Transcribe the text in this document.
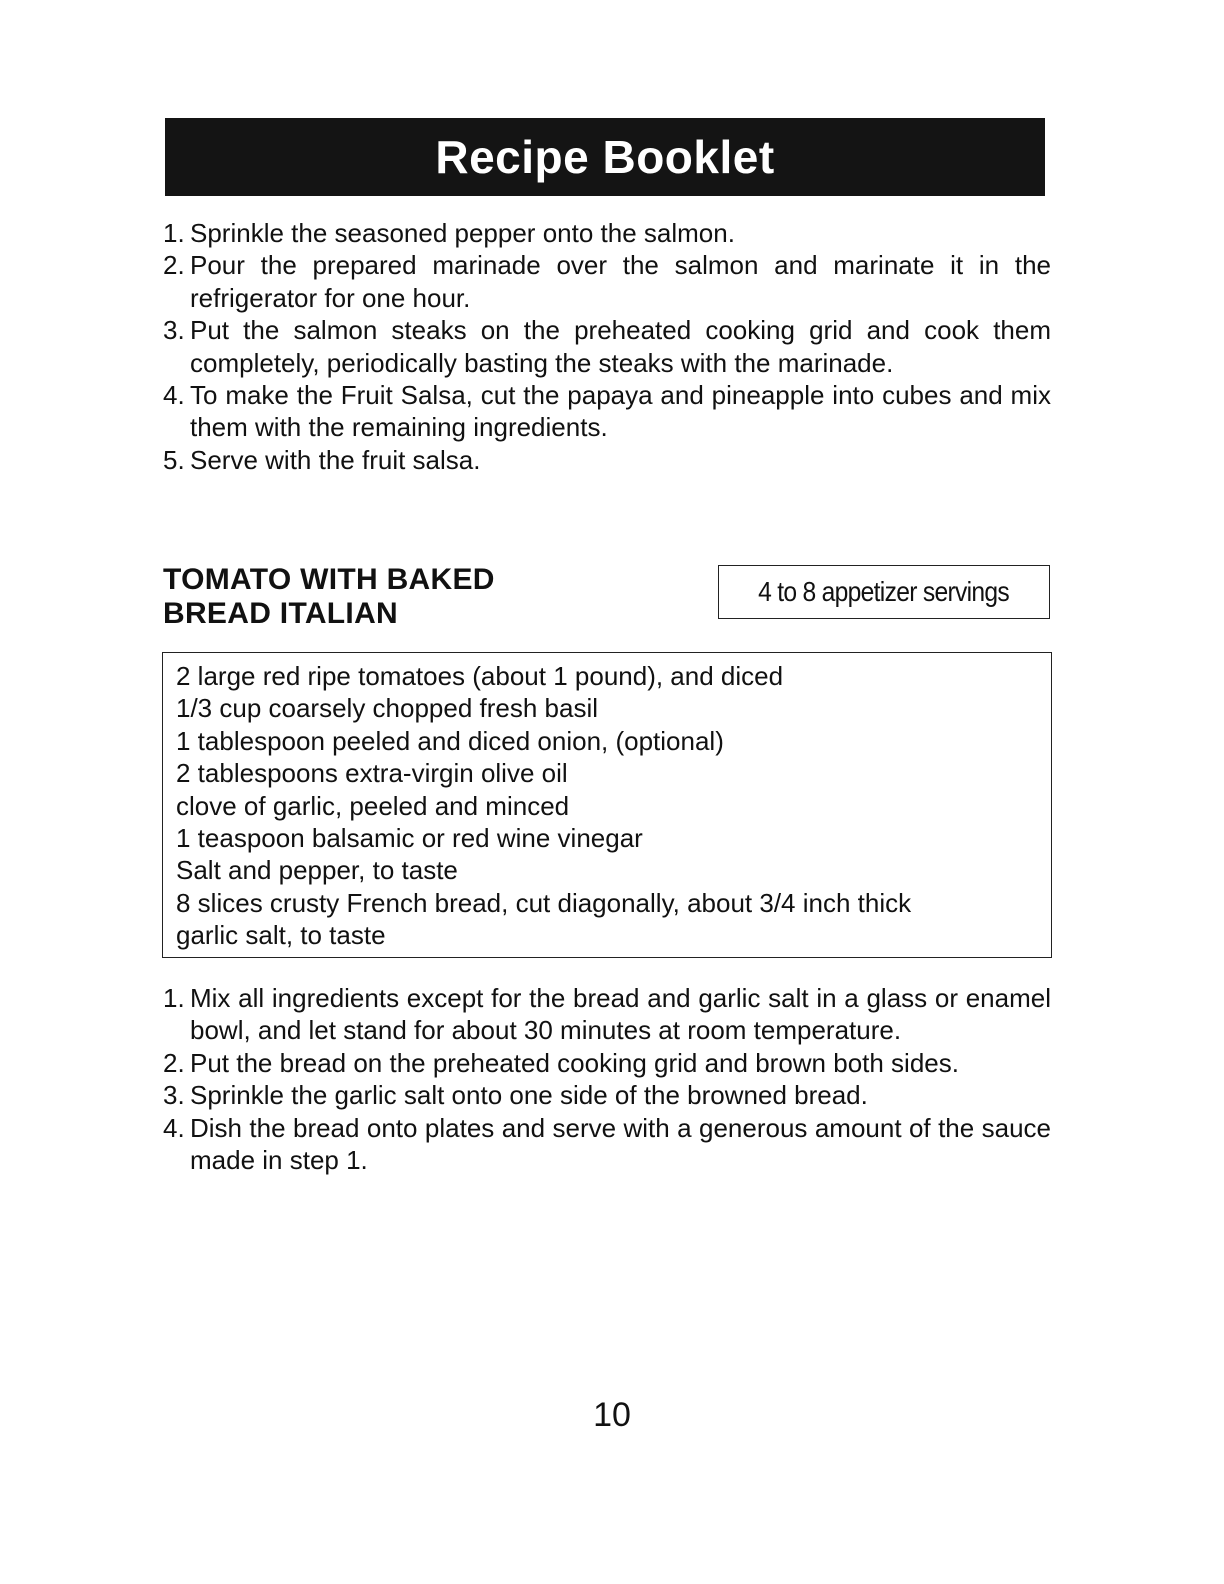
Recipe Booklet
1. Sprinkle the seasoned pepper onto the salmon.
2. Pour the prepared marinade over the salmon and marinate it in the refrigerator for one hour.
3. Put the salmon steaks on the preheated cooking grid and cook them completely, periodically basting the steaks with the marinade.
4. To make the Fruit Salsa, cut the papaya and pineapple into cubes and mix them with the remaining ingredients.
5. Serve with the fruit salsa.
TOMATO WITH BAKED
BREAD ITALIAN
4 to 8 appetizer servings
2 large red ripe tomatoes (about 1 pound), and diced
1/3 cup coarsely chopped fresh basil
1 tablespoon peeled and diced onion, (optional)
2 tablespoons extra-virgin olive oil
clove of garlic, peeled and minced
1 teaspoon balsamic or red wine vinegar
Salt and pepper, to taste
8 slices crusty French bread, cut diagonally, about 3/4 inch thick
garlic salt, to taste
1. Mix all ingredients except for the bread and garlic salt in a glass or enamel bowl, and let stand for about 30 minutes at room temperature.
2. Put the bread on the preheated cooking grid and brown both sides.
3. Sprinkle the garlic salt onto one side of the browned bread.
4. Dish the bread onto plates and serve with a generous amount of the sauce made in step 1.
10
